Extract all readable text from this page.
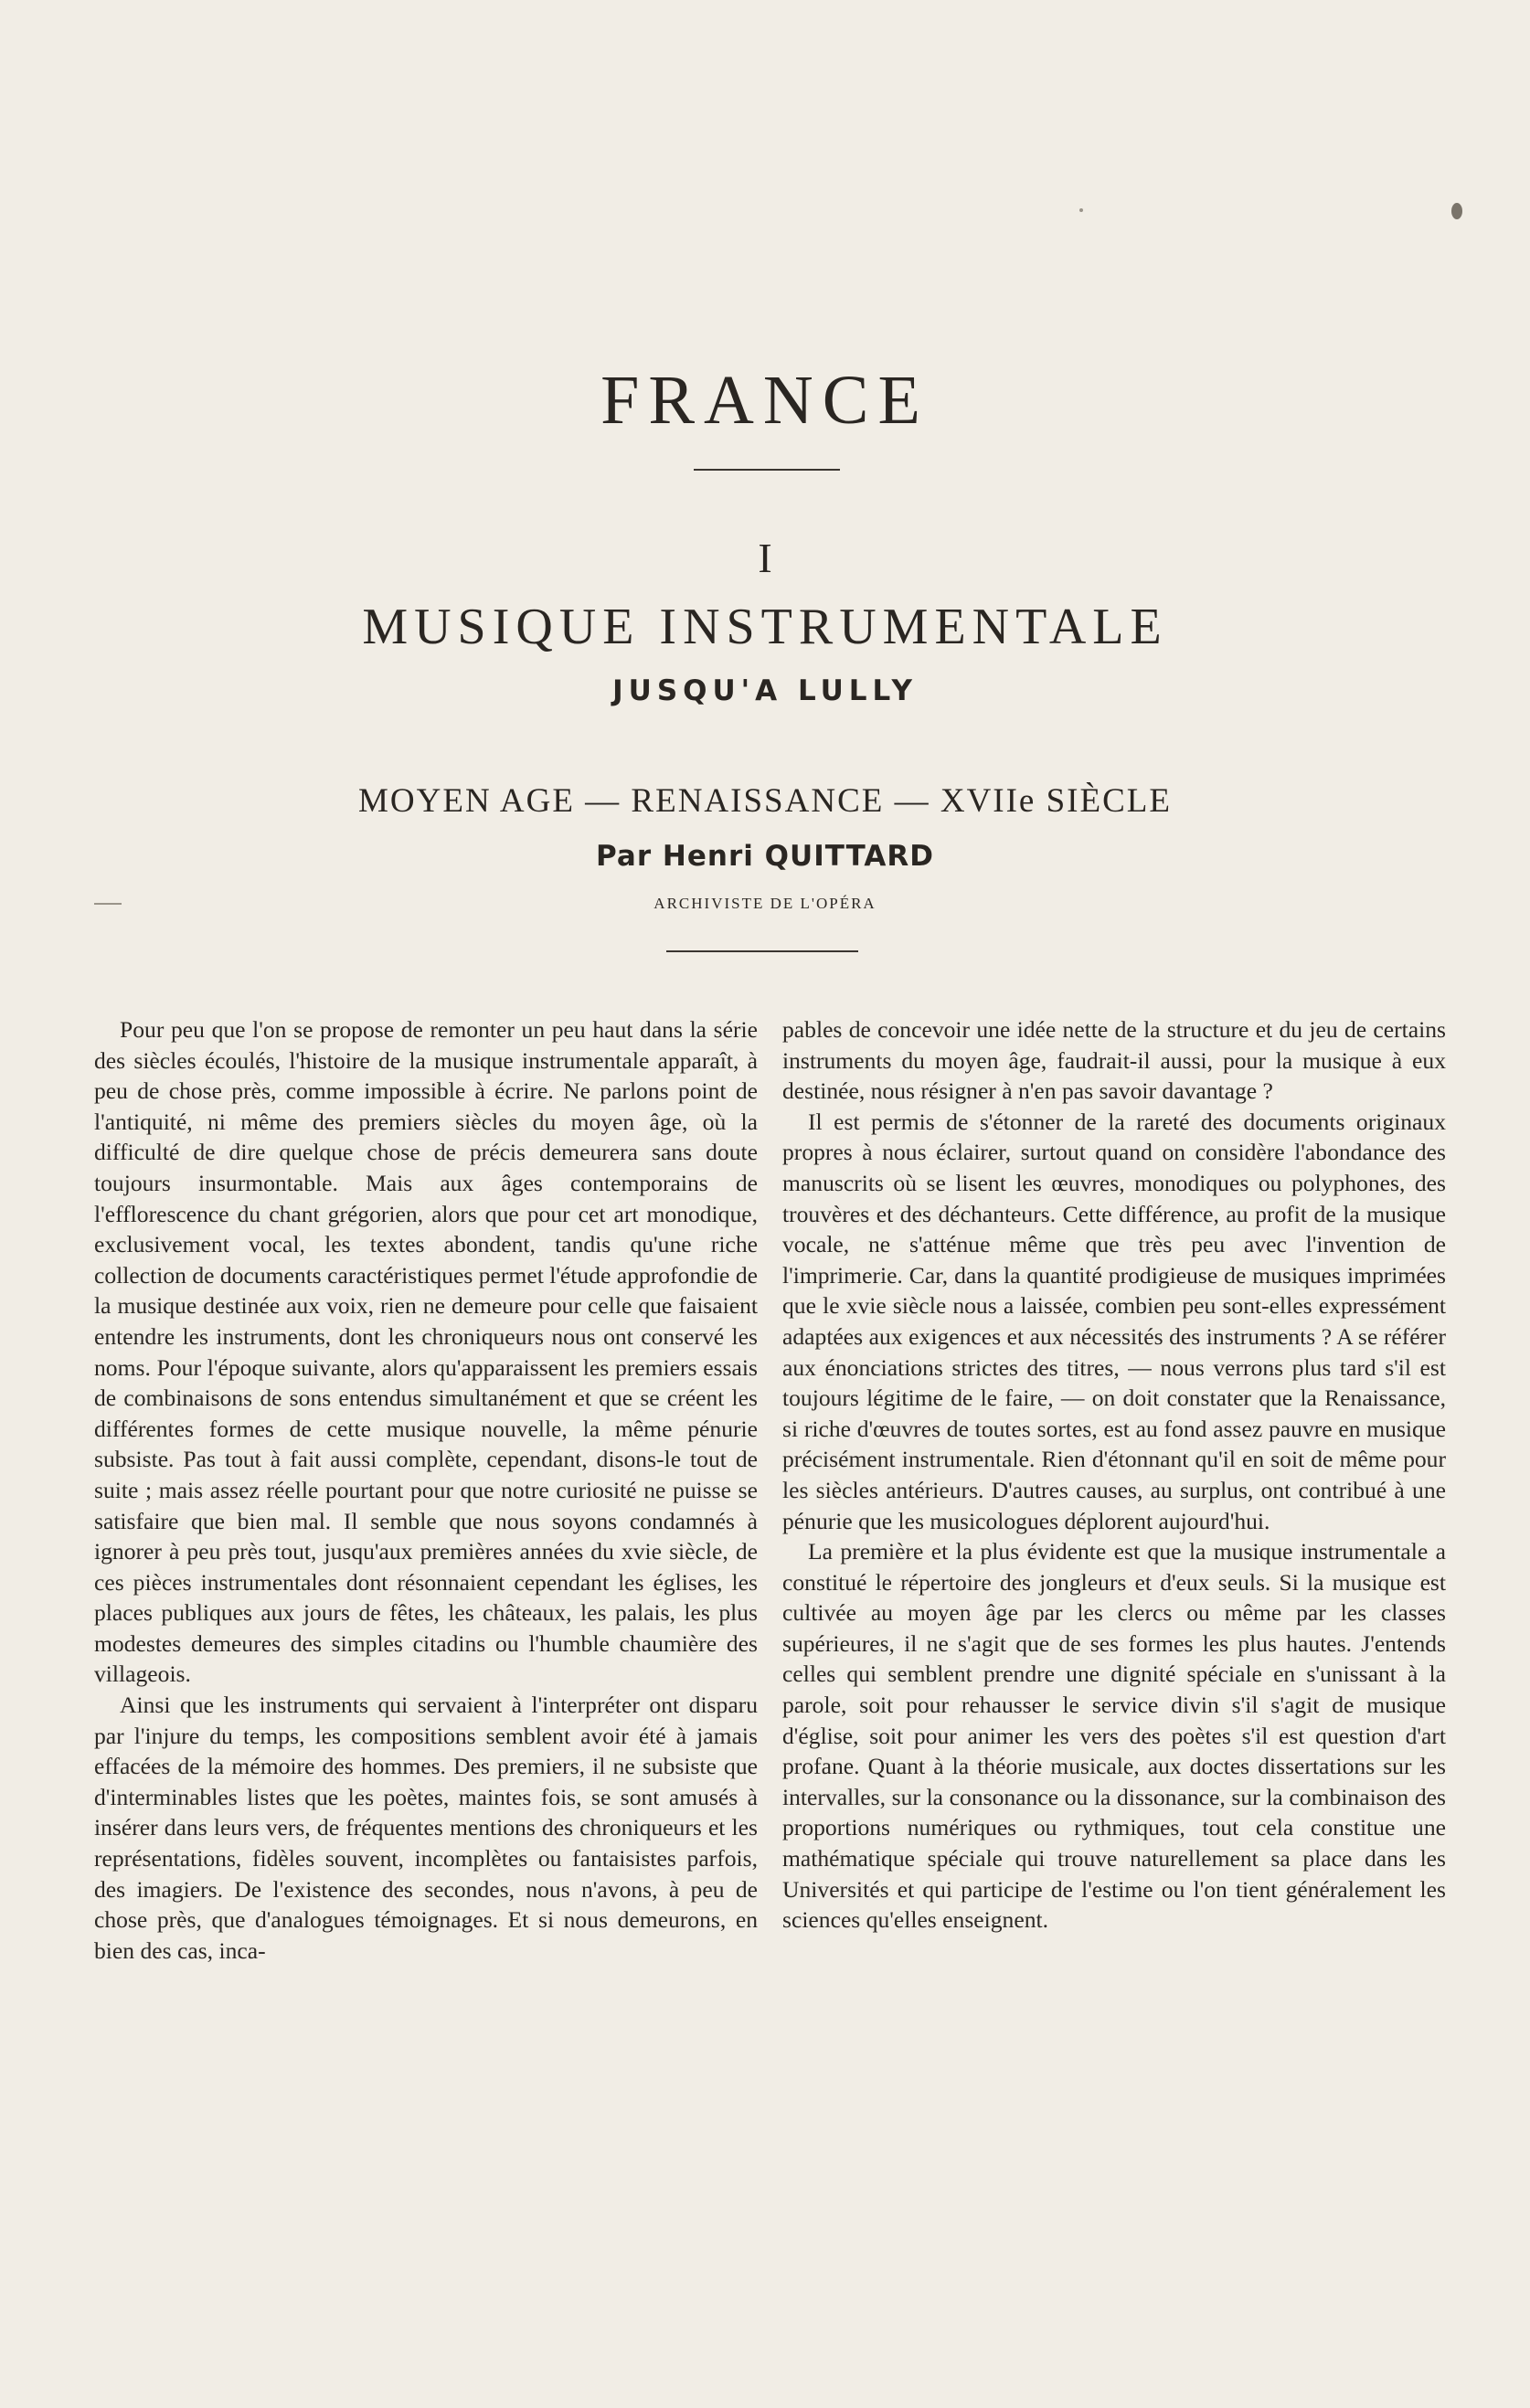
FRANCE
I
MUSIQUE INSTRUMENTALE
JUSQU'A LULLY
MOYEN AGE — RENAISSANCE — XVIIe SIÈCLE
Par Henri QUITTARD
ARCHIVISTE DE L'OPÉRA

Pour peu que l'on se propose de remonter un peu haut dans la série des siècles écoulés, l'histoire de la musique instrumentale apparaît, à peu de chose près, comme impossible à écrire. Ne parlons point de l'antiquité, ni même des premiers siècles du moyen âge, où la difficulté de dire quelque chose de précis demeurera sans doute toujours insurmontable. Mais aux âges contemporains de l'efflorescence du chant grégorien, alors que pour cet art monodique, exclusivement vocal, les textes abondent, tandis qu'une riche collection de documents caractéristiques permet l'étude approfondie de la musique destinée aux voix, rien ne demeure pour celle que faisaient entendre les instruments, dont les chroniqueurs nous ont conservé les noms. Pour l'époque suivante, alors qu'apparaissent les premiers essais de combinaisons de sons entendus simultanément et que se créent les différentes formes de cette musique nouvelle, la même pénurie subsiste. Pas tout à fait aussi complète, cependant, disons-le tout de suite ; mais assez réelle pourtant pour que notre curiosité ne puisse se satisfaire que bien mal. Il semble que nous soyons condamnés à ignorer à peu près tout, jusqu'aux premières années du xvie siècle, de ces pièces instrumentales dont résonnaient cependant les églises, les places publiques aux jours de fêtes, les châteaux, les palais, les plus modestes demeures des simples citadins ou l'humble chaumière des villageois.

Ainsi que les instruments qui servaient à l'interpréter ont disparu par l'injure du temps, les compositions semblent avoir été à jamais effacées de la mémoire des hommes. Des premiers, il ne subsiste que d'interminables listes que les poètes, maintes fois, se sont amusés à insérer dans leurs vers, de fréquentes mentions des chroniqueurs et les représentations, fidèles souvent, incomplètes ou fantaisistes parfois, des imagiers. De l'existence des secondes, nous n'avons, à peu de chose près, que d'analogues témoignages. Et si nous demeurons, en bien des cas, inca-

pables de concevoir une idée nette de la structure et du jeu de certains instruments du moyen âge, faudrait-il aussi, pour la musique à eux destinée, nous résigner à n'en pas savoir davantage ?

Il est permis de s'étonner de la rareté des documents originaux propres à nous éclairer, surtout quand on considère l'abondance des manuscrits où se lisent les œuvres, monodiques ou polyphones, des trouvères et des déchanteurs. Cette différence, au profit de la musique vocale, ne s'atténue même que très peu avec l'invention de l'imprimerie. Car, dans la quantité prodigieuse de musiques imprimées que le xvie siècle nous a laissée, combien peu sont-elles expressément adaptées aux exigences et aux nécessités des instruments ? A se référer aux énonciations strictes des titres, — nous verrons plus tard s'il est toujours légitime de le faire, — on doit constater que la Renaissance, si riche d'œuvres de toutes sortes, est au fond assez pauvre en musique précisément instrumentale. Rien d'étonnant qu'il en soit de même pour les siècles antérieurs. D'autres causes, au surplus, ont contribué à une pénurie que les musicologues déplorent aujourd'hui.

La première et la plus évidente est que la musique instrumentale a constitué le répertoire des jongleurs et d'eux seuls. Si la musique est cultivée au moyen âge par les clercs ou même par les classes supérieures, il ne s'agit que de ses formes les plus hautes. J'entends celles qui semblent prendre une dignité spéciale en s'unissant à la parole, soit pour rehausser le service divin s'il s'agit de musique d'église, soit pour animer les vers des poètes s'il est question d'art profane. Quant à la théorie musicale, aux doctes dissertations sur les intervalles, sur la consonance ou la dissonance, sur la combinaison des proportions numériques ou rythmiques, tout cela constitue une mathématique spéciale qui trouve naturellement sa place dans les Universités et qui participe de l'estime ou l'on tient généralement les sciences qu'elles enseignent.
